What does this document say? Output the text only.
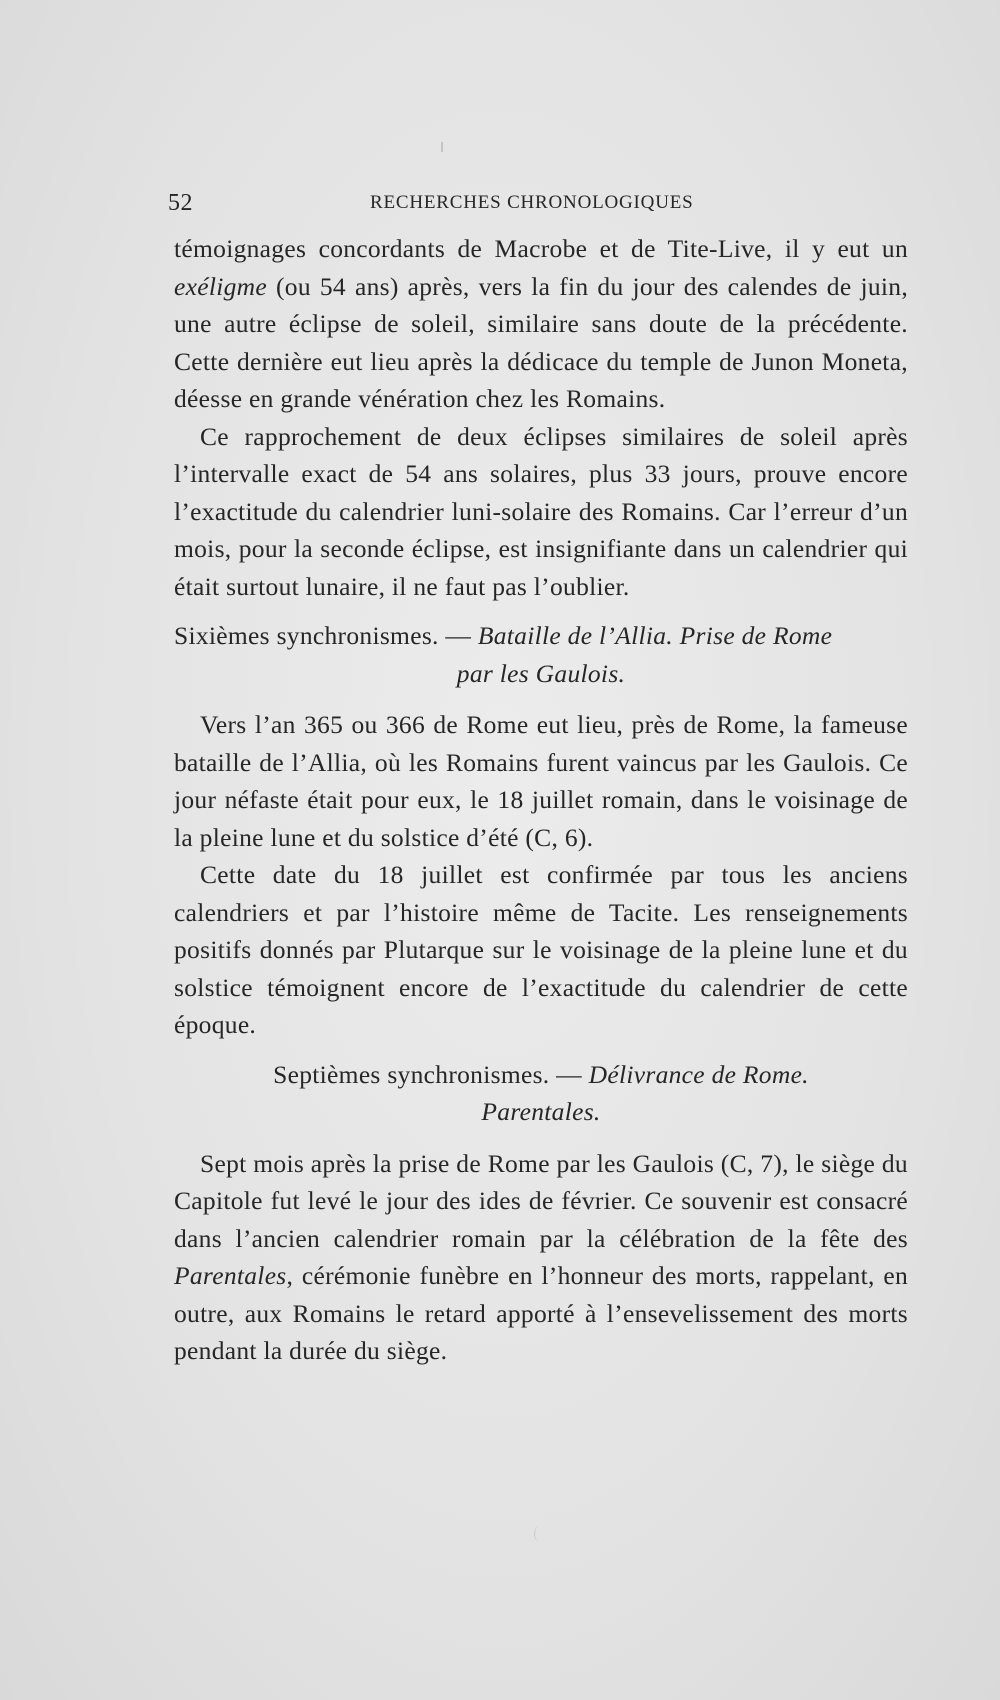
52	RECHERCHES CHRONOLOGIQUES

témoignages concordants de Macrobe et de Tite-Live, il y eut un exéligme (ou 54 ans) après, vers la fin du jour des calendes de juin, une autre éclipse de soleil, similaire sans doute de la précédente. Cette dernière eut lieu après la dédicace du temple de Junon Moneta, déesse en grande vénération chez les Romains.

Ce rapprochement de deux éclipses similaires de soleil après l’intervalle exact de 54 ans solaires, plus 33 jours, prouve encore l’exactitude du calendrier luni-solaire des Romains. Car l’erreur d’un mois, pour la seconde éclipse, est insignifiante dans un calendrier qui était surtout lunaire, il ne faut pas l’oublier.

Sixièmes synchronismes. — Bataille de l’Allia. Prise de Rome
par les Gaulois.

Vers l’an 365 ou 366 de Rome eut lieu, près de Rome, la fameuse bataille de l’Allia, où les Romains furent vaincus par les Gaulois. Ce jour néfaste était pour eux, le 18 juillet romain, dans le voisinage de la pleine lune et du solstice d’été (C, 6).

Cette date du 18 juillet est confirmée par tous les anciens calendriers et par l’histoire même de Tacite. Les renseignements positifs donnés par Plutarque sur le voisinage de la pleine lune et du solstice témoignent encore de l’exactitude du calendrier de cette époque.

Septièmes synchronismes. — Délivrance de Rome.
Parentales.

Sept mois après la prise de Rome par les Gaulois (C, 7), le siège du Capitole fut levé le jour des ides de février. Ce souvenir est consacré dans l’ancien calendrier romain par la célébration de la fête des Parentales, cérémonie funèbre en l’honneur des morts, rappelant, en outre, aux Romains le retard apporté à l’ensevelissement des morts pendant la durée du siège.
